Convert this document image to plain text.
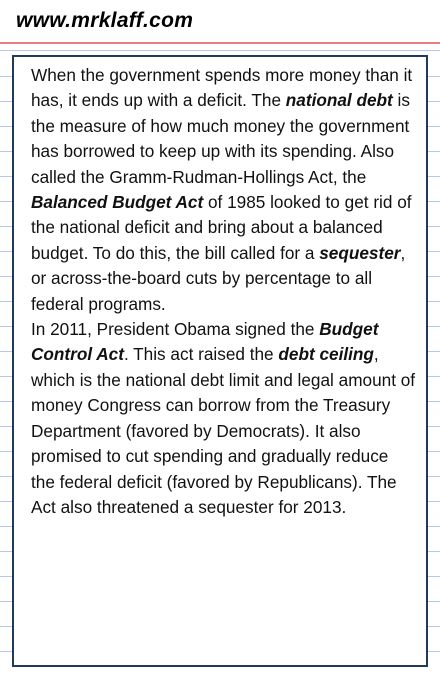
www.mrklaff.com

When the government spends more money than it has, it ends up with a deficit. The national debt is the measure of how much money the government has borrowed to keep up with its spending. Also called the Gramm-Rudman-Hollings Act, the Balanced Budget Act of 1985 looked to get rid of the national deficit and bring about a balanced budget. To do this, the bill called for a sequester, or across-the-board cuts by percentage to all federal programs.

In 2011, President Obama signed the Budget Control Act. This act raised the debt ceiling, which is the national debt limit and legal amount of money Congress can borrow from the Treasury Department (favored by Democrats). It also promised to cut spending and gradually reduce the federal deficit (favored by Republicans). The Act also threatened a sequester for 2013.
